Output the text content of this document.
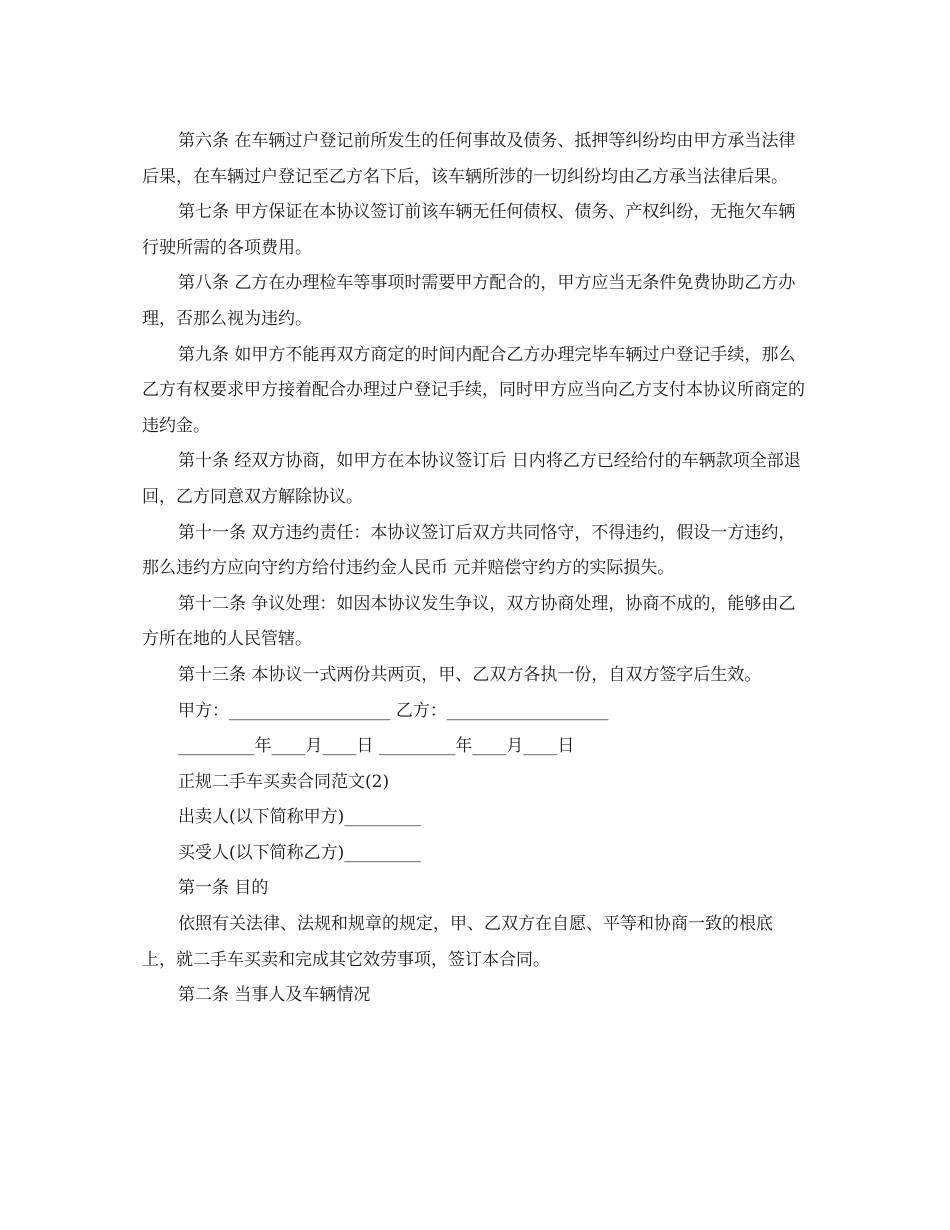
第六条 在车辆过户登记前所发生的任何事故及债务、抵押等纠纷均由甲方承当法律后果，在车辆过户登记至乙方名下后，该车辆所涉的一切纠纷均由乙方承当法律后果。

第七条 甲方保证在本协议签订前该车辆无任何债权、债务、产权纠纷，无拖欠车辆行驶所需的各项费用。

第八条 乙方在办理检车等事项时需要甲方配合的，甲方应当无条件免费协助乙方办理，否那么视为违约。

第九条 如甲方不能再双方商定的时间内配合乙方办理完毕车辆过户登记手续，那么乙方有权要求甲方接着配合办理过户登记手续，同时甲方应当向乙方支付本协议所商定的违约金。

第十条 经双方协商，如甲方在本协议签订后 日内将乙方已经给付的车辆款项全部退回，乙方同意双方解除协议。

第十一条 双方违约责任：本协议签订后双方共同恪守，不得违约，假设一方违约，那么违约方应向守约方给付违约金人民币 元并赔偿守约方的实际损失。

第十二条 争议处理：如因本协议发生争议，双方协商处理，协商不成的，能够由乙方所在地的人民管辖。

第十三条 本协议一式两份共两页，甲、乙双方各执一份，自双方签字后生效。

甲方：___________________ 乙方：___________________

_________年____月____日 _________年____月____日

正规二手车买卖合同范文(2)

出卖人(以下简称甲方)_________

买受人(以下简称乙方)_________

第一条 目的

依照有关法律、法规和规章的规定，甲、乙双方在自愿、平等和协商一致的根底上，就二手车买卖和完成其它效劳事项，签订本合同。

第二条 当事人及车辆情况
